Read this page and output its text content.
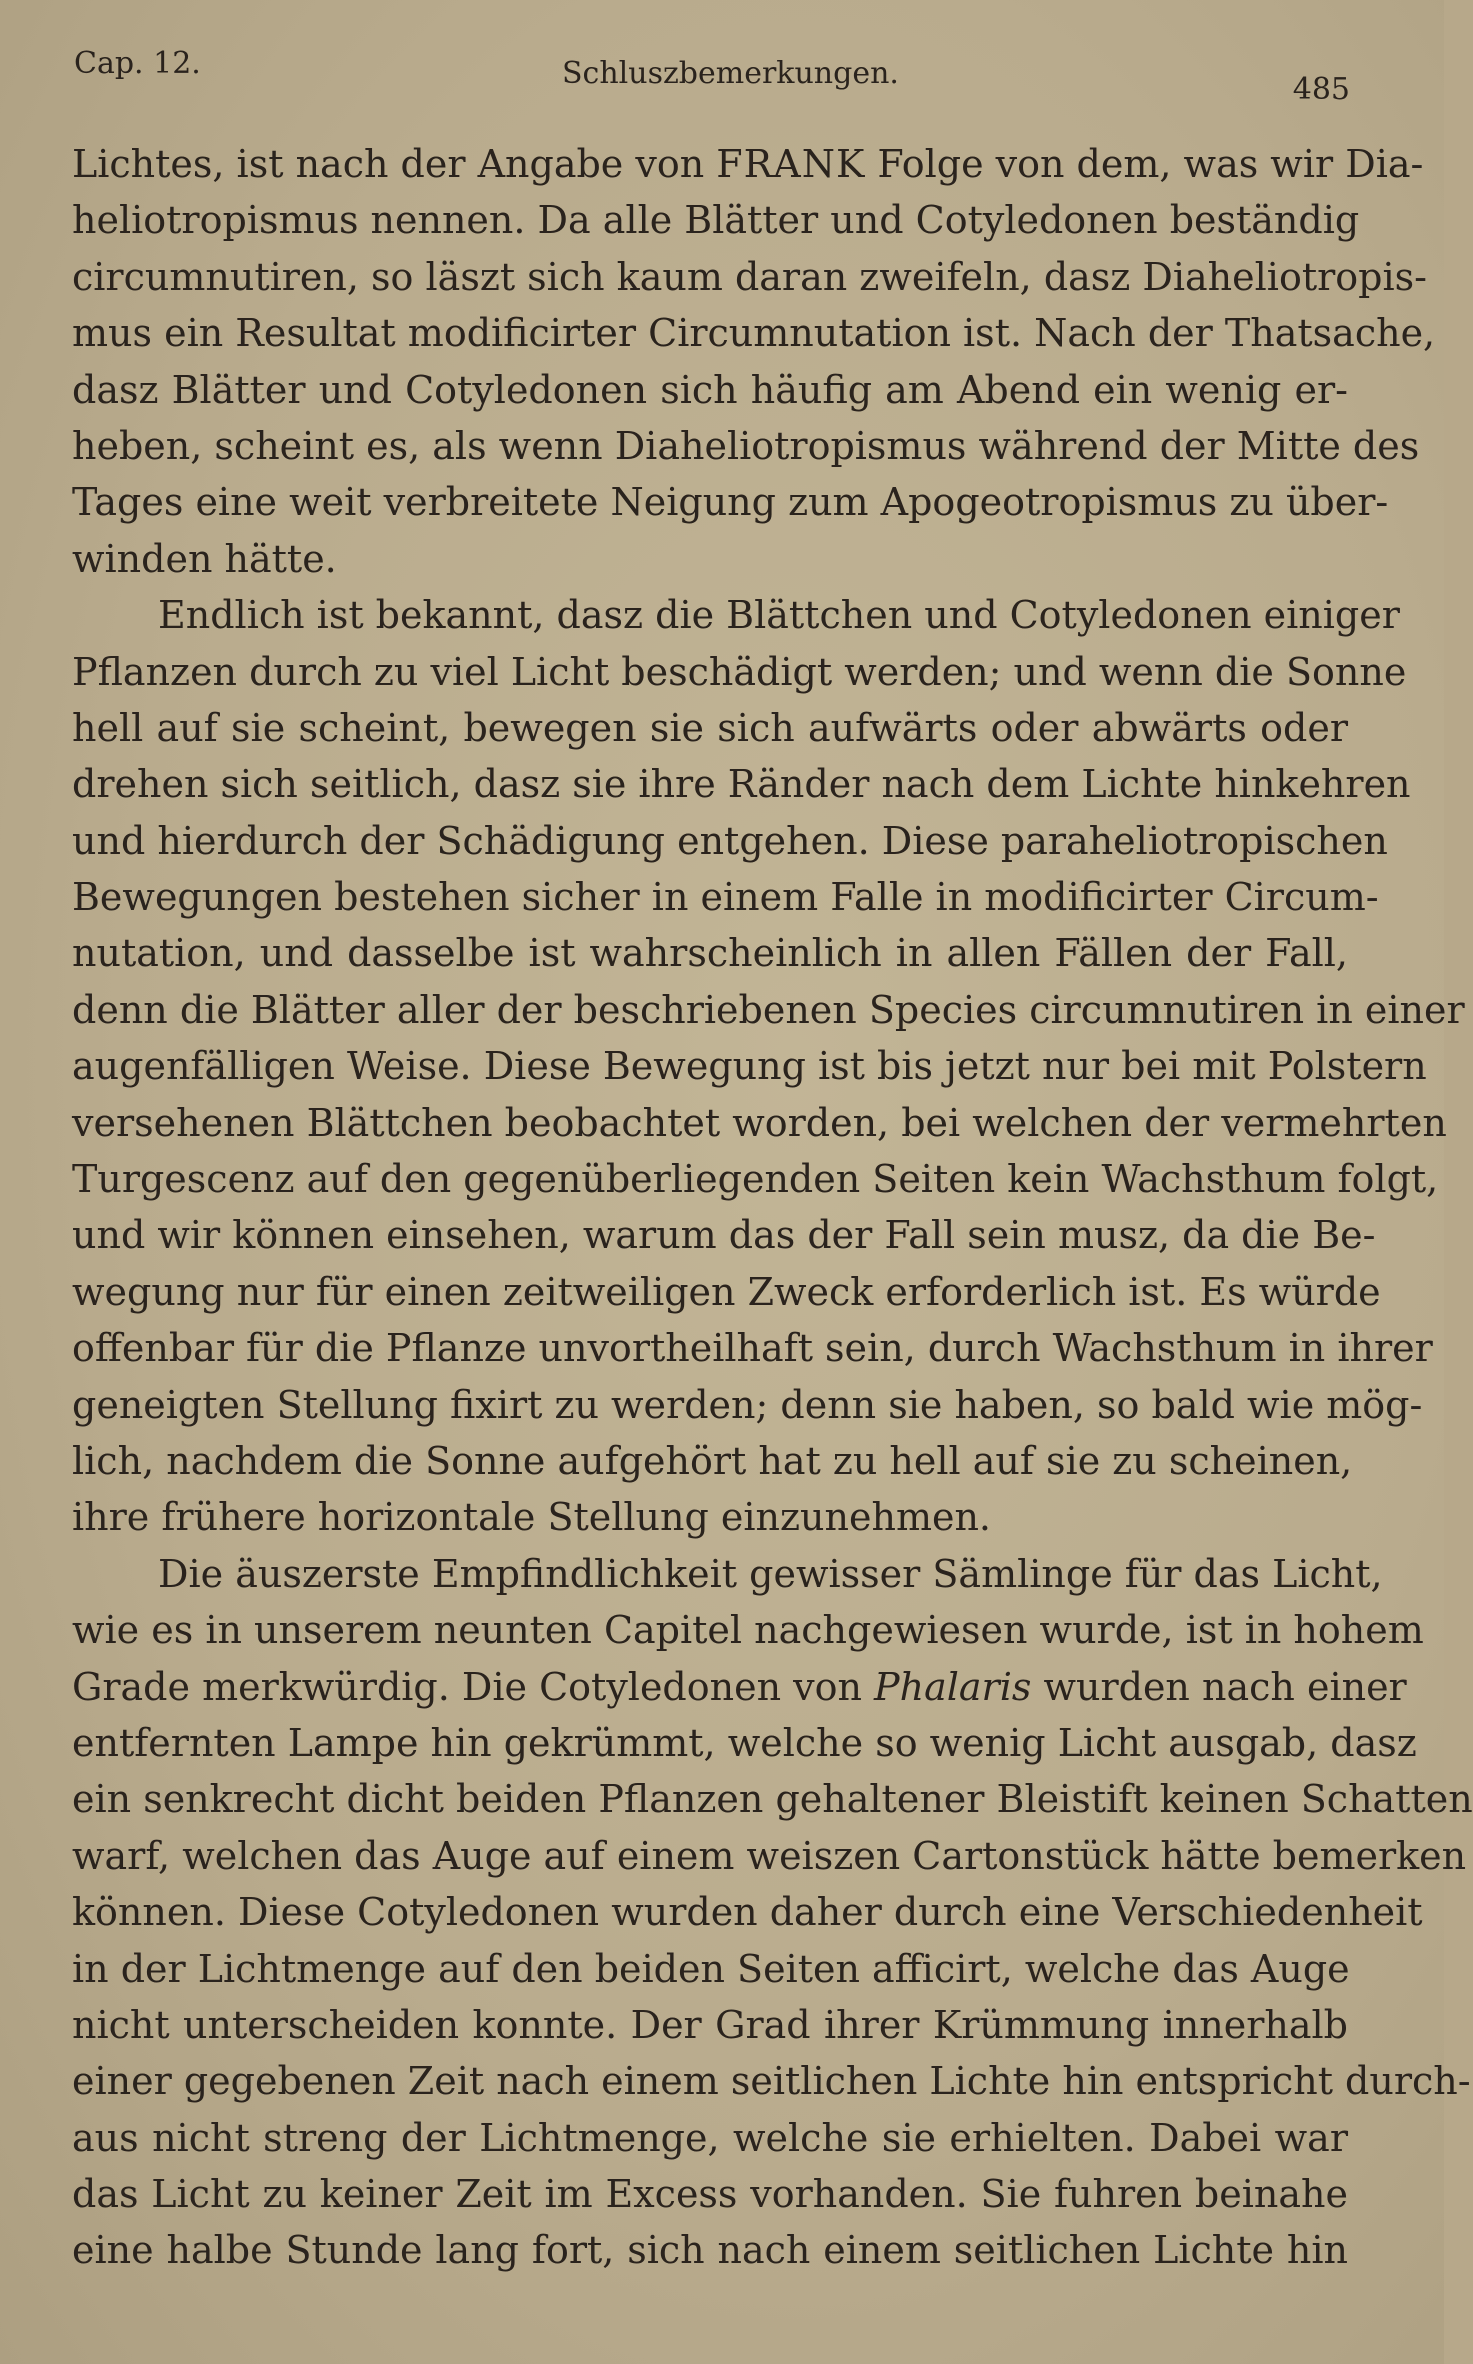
Cap. 12.	Schluszbemerkungen.	485
Lichtes, ist nach der Angabe von FRANK Folge von dem, was wir Dia-
heliotropismus nennen. Da alle Blätter und Cotyledonen beständig
circumnutiren, so läszt sich kaum daran zweifeln, dasz Diaheliotropis-
mus ein Resultat modificirter Circumnutation ist. Nach der Thatsache,
dasz Blätter und Cotyledonen sich häufig am Abend ein wenig er-
heben, scheint es, als wenn Diaheliotropismus während der Mitte des
Tages eine weit verbreitete Neigung zum Apogeotropismus zu über-
winden hätte.
Endlich ist bekannt, dasz die Blättchen und Cotyledonen einiger
Pflanzen durch zu viel Licht beschädigt werden; und wenn die Sonne
hell auf sie scheint, bewegen sie sich aufwärts oder abwärts oder
drehen sich seitlich, dasz sie ihre Ränder nach dem Lichte hinkehren
und hierdurch der Schädigung entgehen. Diese paraheliotropischen
Bewegungen bestehen sicher in einem Falle in modificirter Circum-
nutation, und dasselbe ist wahrscheinlich in allen Fällen der Fall,
denn die Blätter aller der beschriebenen Species circumnutiren in einer
augenfälligen Weise. Diese Bewegung ist bis jetzt nur bei mit Polstern
versehenen Blättchen beobachtet worden, bei welchen der vermehrten
Turgescenz auf den gegenüberliegenden Seiten kein Wachsthum folgt,
und wir können einsehen, warum das der Fall sein musz, da die Be-
wegung nur für einen zeitweiligen Zweck erforderlich ist. Es würde
offenbar für die Pflanze unvortheilhaft sein, durch Wachsthum in ihrer
geneigten Stellung fixirt zu werden; denn sie haben, so bald wie mög-
lich, nachdem die Sonne aufgehört hat zu hell auf sie zu scheinen,
ihre frühere horizontale Stellung einzunehmen.
Die äuszerste Empfindlichkeit gewisser Sämlinge für das Licht,
wie es in unserem neunten Capitel nachgewiesen wurde, ist in hohem
Grade merkwürdig. Die Cotyledonen von Phalaris wurden nach einer
entfernten Lampe hin gekrümmt, welche so wenig Licht ausgab, dasz
ein senkrecht dicht beiden Pflanzen gehaltener Bleistift keinen Schatten
warf, welchen das Auge auf einem weiszen Cartonstück hätte bemerken
können. Diese Cotyledonen wurden daher durch eine Verschiedenheit
in der Lichtmenge auf den beiden Seiten afficirt, welche das Auge
nicht unterscheiden konnte. Der Grad ihrer Krümmung innerhalb
einer gegebenen Zeit nach einem seitlichen Lichte hin entspricht durch-
aus nicht streng der Lichtmenge, welche sie erhielten. Dabei war
das Licht zu keiner Zeit im Excess vorhanden. Sie fuhren beinahe
eine halbe Stunde lang fort, sich nach einem seitlichen Lichte hin
